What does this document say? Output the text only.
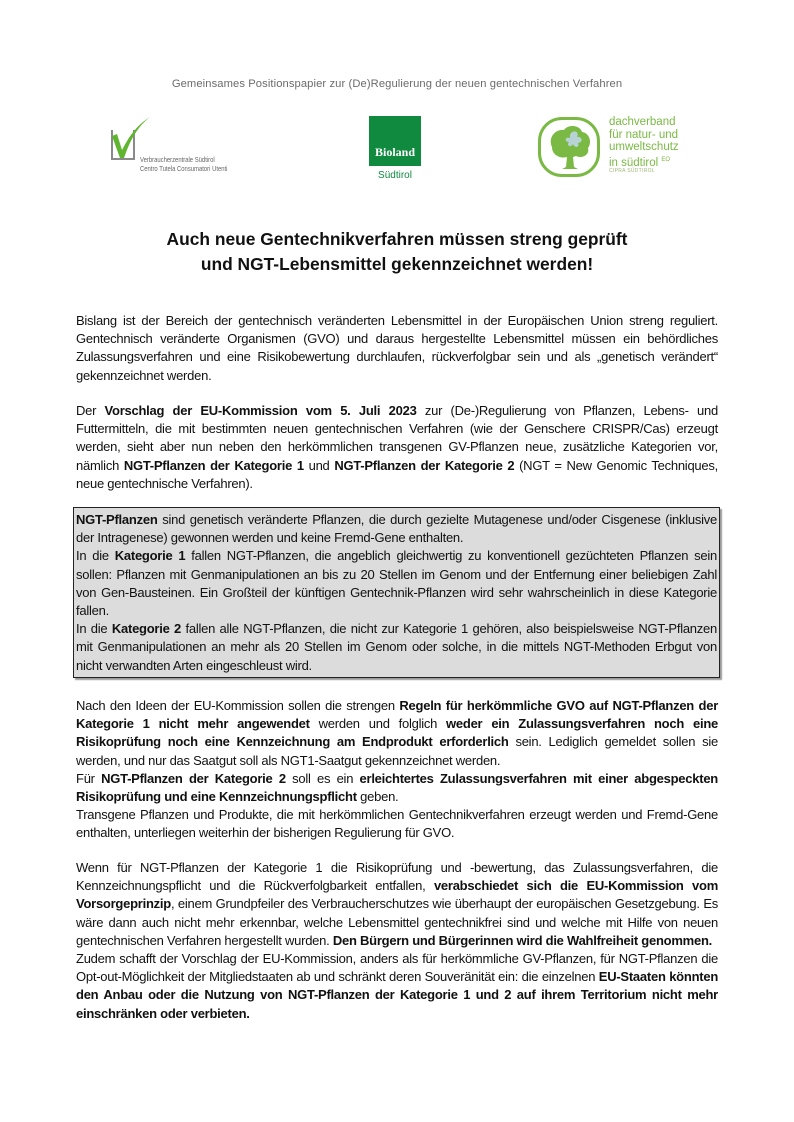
Gemeinsames Positionspapier zur (De)Regulierung der neuen gentechnischen Verfahren
Verbraucherzentrale Südtirol
Centro Tutela Consumatori Utenti
Bioland
Südtirol
dachverband
für natur- und
umweltschutz
in südtirol $^{EO}$
CIPRA SÜDTIROL
Auch neue Gentechnikverfahren müssen streng geprüft
und NGT-Lebensmittel gekennzeichnet werden!

Bislang ist der Bereich der gentechnisch veränderten Lebensmittel in der Europäischen Union streng reguliert. Gentechnisch veränderte Organismen (GVO) und daraus hergestellte Lebensmittel müssen ein behördliches Zulassungsverfahren und eine Risikobewertung durchlaufen, rückverfolgbar sein und als „genetisch verändert“ gekennzeichnet werden.

Der Vorschlag der EU-Kommission vom 5. Juli 2023 zur (De-)Regulierung von Pflanzen, Lebens- und Futtermitteln, die mit bestimmten neuen gentechnischen Verfahren (wie der Genschere CRISPR/Cas) erzeugt werden, sieht aber nun neben den herkömmlichen transgenen GV-Pflanzen neue, zusätzliche Kategorien vor, nämlich NGT-Pflanzen der Kategorie 1 und NGT-Pflanzen der Kategorie 2 (NGT = New Genomic Techniques, neue gentechnische Verfahren).

NGT-Pflanzen sind genetisch veränderte Pflanzen, die durch gezielte Mutagenese und/oder Cisgenese (inklusive der Intragenese) gewonnen werden und keine Fremd-Gene enthalten.

In die Kategorie 1 fallen NGT-Pflanzen, die angeblich gleichwertig zu konventionell gezüchteten Pflanzen sein sollen: Pflanzen mit Genmanipulationen an bis zu 20 Stellen im Genom und der Entfernung einer beliebigen Zahl von Gen-Bausteinen. Ein Großteil der künftigen Gentechnik-Pflanzen wird sehr wahrscheinlich in diese Kategorie fallen.

In die Kategorie 2 fallen alle NGT-Pflanzen, die nicht zur Kategorie 1 gehören, also beispielsweise NGT-Pflanzen mit Genmanipulationen an mehr als 20 Stellen im Genom oder solche, in die mittels NGT-Methoden Erbgut von nicht verwandten Arten eingeschleust wird.

Nach den Ideen der EU-Kommission sollen die strengen Regeln für herkömmliche GVO auf NGT-Pflanzen der Kategorie 1 nicht mehr angewendet werden und folglich weder ein Zulassungsverfahren noch eine Risikoprüfung noch eine Kennzeichnung am Endprodukt erforderlich sein. Lediglich gemeldet sollen sie werden, und nur das Saatgut soll als NGT1-Saatgut gekennzeichnet werden.

Für NGT-Pflanzen der Kategorie 2 soll es ein erleichtertes Zulassungsverfahren mit einer abgespeckten Risikoprüfung und eine Kennzeichnungspflicht geben.

Transgene Pflanzen und Produkte, die mit herkömmlichen Gentechnikverfahren erzeugt werden und Fremd-Gene enthalten, unterliegen weiterhin der bisherigen Regulierung für GVO.

Wenn für NGT-Pflanzen der Kategorie 1 die Risikoprüfung und -bewertung, das Zulassungsverfahren, die Kennzeichnungspflicht und die Rückverfolgbarkeit entfallen, verabschiedet sich die EU-Kommission vom Vorsorgeprinzip, einem Grundpfeiler des Verbraucherschutzes wie überhaupt der europäischen Gesetzgebung. Es wäre dann auch nicht mehr erkennbar, welche Lebensmittel gentechnikfrei sind und welche mit Hilfe von neuen gentechnischen Verfahren hergestellt wurden. Den Bürgern und Bürgerinnen wird die Wahlfreiheit genommen.

Zudem schafft der Vorschlag der EU-Kommission, anders als für herkömmliche GV-Pflanzen, für NGT-Pflanzen die Opt-out-Möglichkeit der Mitgliedstaaten ab und schränkt deren Souveränität ein: die einzelnen EU-Staaten könnten den Anbau oder die Nutzung von NGT-Pflanzen der Kategorie 1 und 2 auf ihrem Territorium nicht mehr einschränken oder verbieten.
